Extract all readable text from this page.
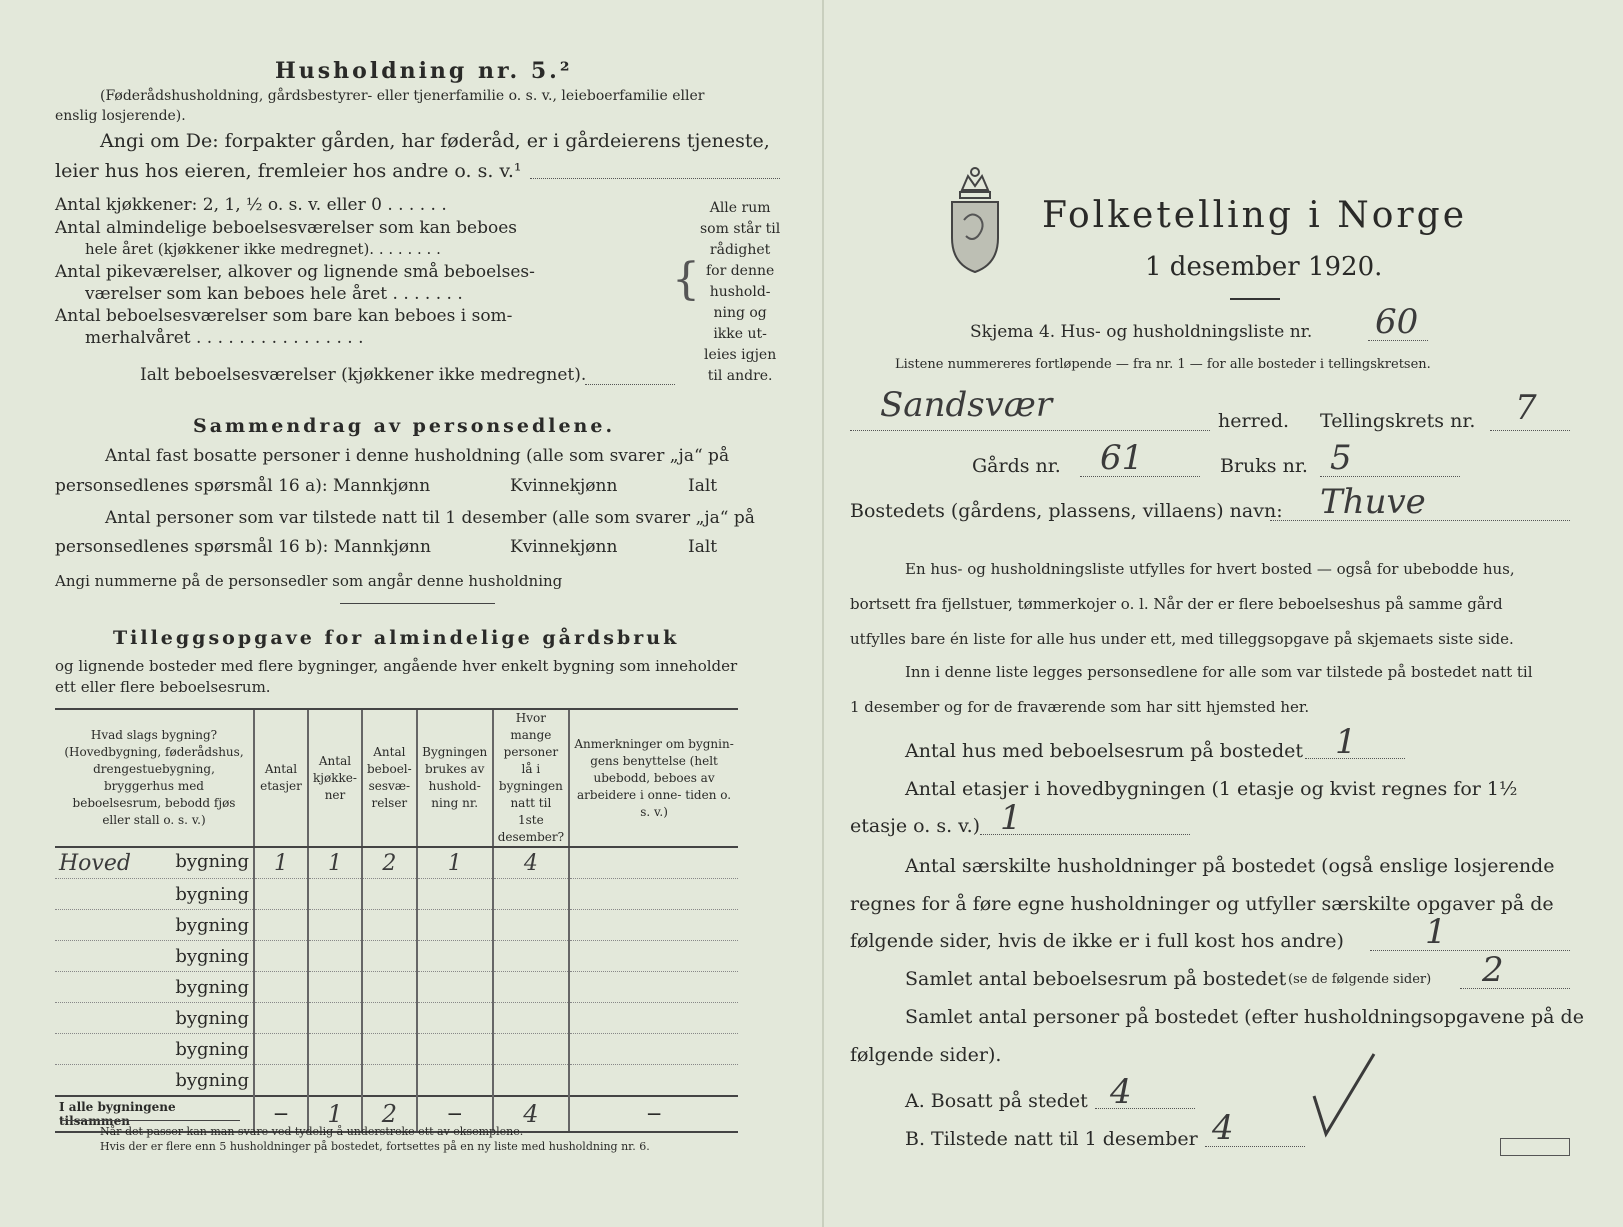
Husholdning nr. 5.²
(Føderådshusholdning, gårdsbestyrer- eller tjenerfamilie o. s. v., leieboerfamilie eller
enslig losjerende).
Angi om De: forpakter gården, har føderåd, er i gårdeierens tjeneste,
leier hus hos eieren, fremleier hos andre o. s. v.¹
Antal kjøkkener: 2, 1, ½ o. s. v. eller 0 . . . . . .
Antal almindelige beboelsesværelser som kan beboes
hele året (kjøkkener ikke medregnet). . . . . . . .
Antal pikeværelser, alkover og lignende små beboelses-
værelser som kan beboes hele året . . . . . . .
Antal beboelsesværelser som bare kan beboes i som-
merhalvåret . . . . . . . . . . . . . . . .
Ialt beboelsesværelser (kjøkkener ikke medregnet).
{
Alle rum
som står til
rådighet
for denne
hushold-
ning og
ikke ut-
leies igjen
til andre.
Sammendrag av personsedlene.
Antal fast bosatte personer i denne husholdning (alle som svarer „ja“ på
personsedlenes spørsmål 16 a): Mannkjønn	Kvinnekjønn	Ialt
Antal personer som var tilstede natt til 1 desember (alle som svarer „ja“ på
personsedlenes spørsmål 16 b): Mannkjønn	Kvinnekjønn	Ialt
Angi nummerne på de personsedler som angår denne husholdning
Tilleggsopgave for almindelige gårdsbruk
og lignende bosteder med flere bygninger, angående hver enkelt bygning som inneholder
ett eller flere beboelsesrum.
Hvad slags bygning?
(Hovedbygning, føderådshus, drengestuebygning, bryggerhus med beboelsesrum, bebodd fjøs eller stall o. s. v.)	Antal etasjer	Antal kjøkke- ner	Antal beboel- sesvæ- relser	Bygningen brukes av hushold- ning nr.	Hvor mange personer lå i bygningen natt til 1ste desember?	Anmerkninger om bygnin- gens benyttelse (helt ubebodd, beboes av arbeidere i onne- tiden o. s. v.)

Hoved bygning	1	1	2	1	4	
bygning						
bygning						
bygning						
bygning						
bygning						
bygning						
bygning						
I alle bygningene tilsammen	—	1	2	—	4	—
Når det passer kan man svare ved tydelig å understreke ett av eksemplene.
Hvis der er flere enn 5 husholdninger på bostedet, fortsettes på en ny liste med husholdning nr. 6.
Folketelling i Norge
1 desember 1920.
Skjema 4. Hus- og husholdningsliste nr. 60
Listene nummereres fortløpende — fra nr. 1 — for alle bosteder i tellingskretsen.
Sandsvær	herred. Tellingskrets nr. 7
Gårds nr. 61	Bruks nr. 5
Bostedets (gårdens, plassens, villaens) navn: Thuve
En hus- og husholdningsliste utfylles for hvert bosted — også for ubebodde hus,
bortsett fra fjellstuer, tømmerkojer o. l. Når der er flere beboelseshus på samme gård
utfylles bare én liste for alle hus under ett, med tilleggsopgave på skjemaets siste side.
Inn i denne liste legges personsedlene for alle som var tilstede på bostedet natt til
1 desember og for de fraværende som har sitt hjemsted her.
Antal hus med beboelsesrum på bostedet 1
Antal etasjer i hovedbygningen (1 etasje og kvist regnes for 1½
etasje o. s. v.) 1
Antal særskilte husholdninger på bostedet (også enslige losjerende
regnes for å føre egne husholdninger og utfyller særskilte opgaver på de
følgende sider, hvis de ikke er i full kost hos andre) 1
Samlet antal beboelsesrum på bostedet (se de følgende sider) 2
Samlet antal personer på bostedet (efter husholdningsopgavene på de
følgende sider).
A. Bosatt på stedet 4
B. Tilstede natt til 1 desember 4
